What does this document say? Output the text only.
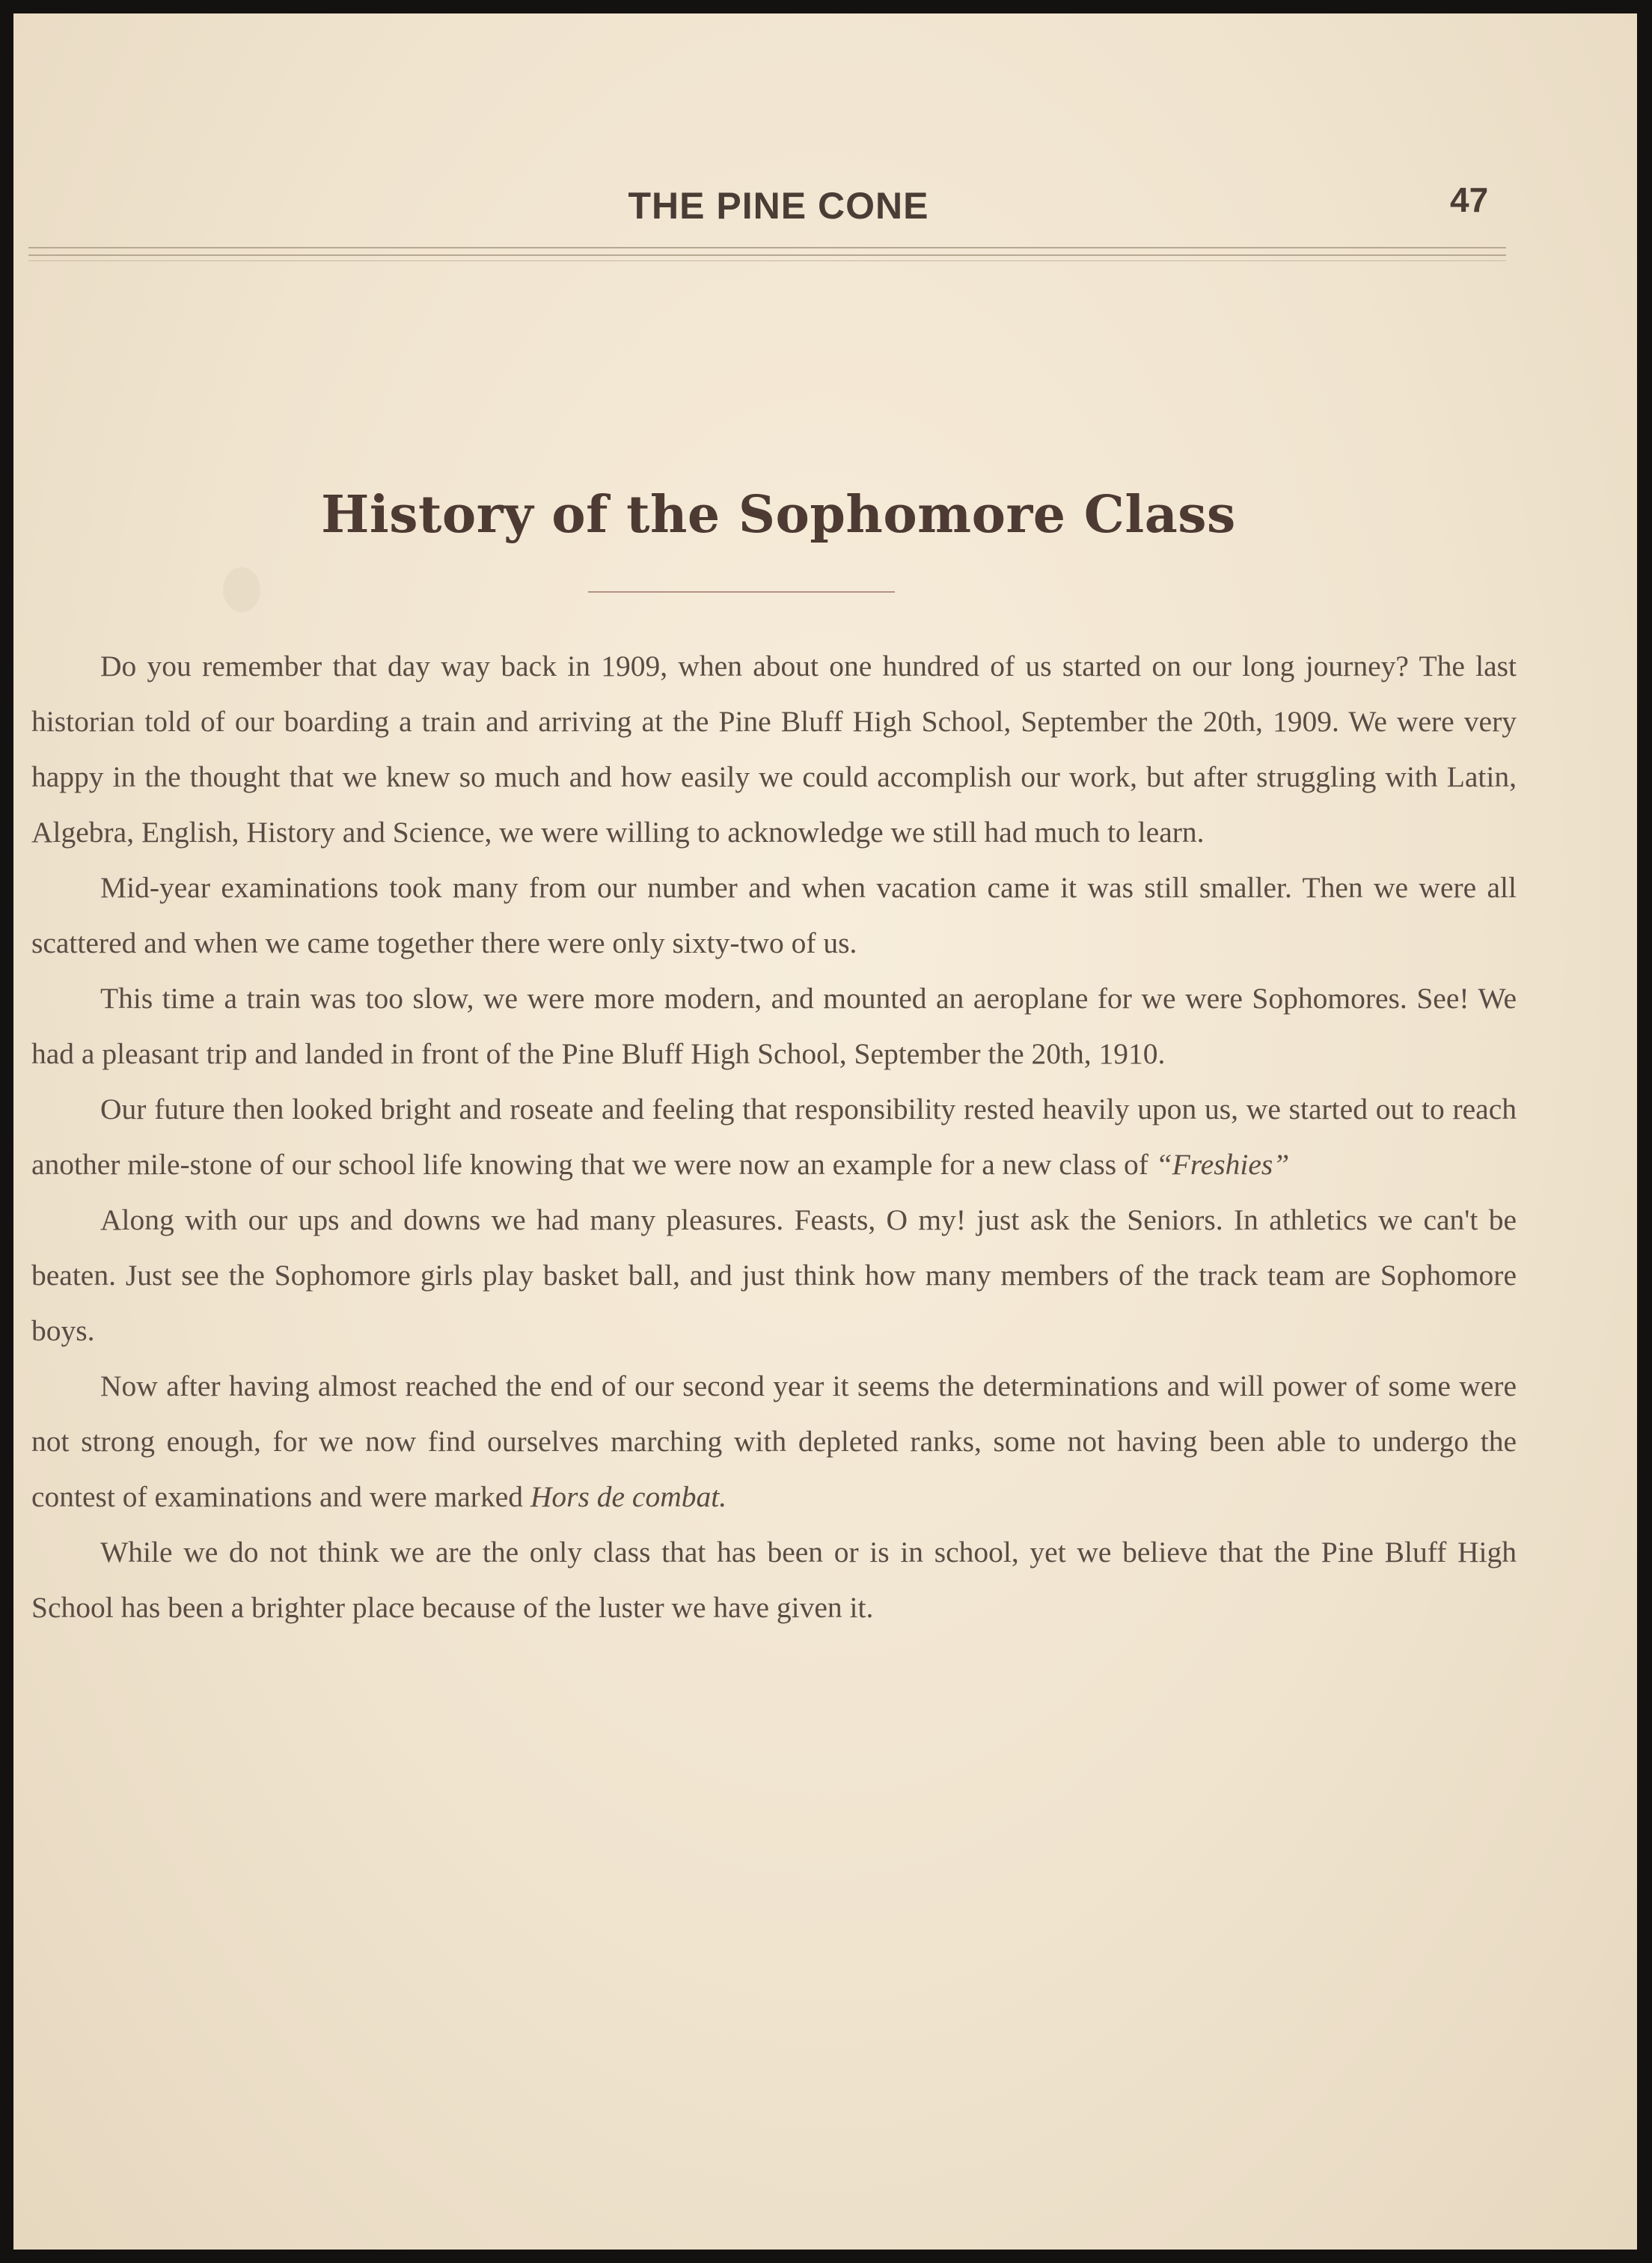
THE PINE CONE	47
History of the Sophomore Class

Do you remember that day way back in 1909, when about one hundred of us started on our long journey? The last historian told of our boarding a train and arriving at the Pine Bluff High School, September the 20th, 1909. We were very happy in the thought that we knew so much and how easily we could accomplish our work, but after struggling with Latin, Algebra, English, History and Science, we were willing to acknowledge we still had much to learn.

Mid-year examinations took many from our number and when vacation came it was still smaller. Then we were all scattered and when we came together there were only sixty-two of us.

This time a train was too slow, we were more modern, and mounted an aeroplane for we were Sophomores. See! We had a pleasant trip and landed in front of the Pine Bluff High School, September the 20th, 1910.

Our future then looked bright and roseate and feeling that responsibility rested heavily upon us, we started out to reach another mile-stone of our school life knowing that we were now an example for a new class of “Freshies”

Along with our ups and downs we had many pleasures. Feasts, O my! just ask the Seniors. In athletics we can't be beaten. Just see the Sophomore girls play basket ball, and just think how many members of the track team are Sophomore boys.

Now after having almost reached the end of our second year it seems the determinations and will power of some were not strong enough, for we now find ourselves marching with depleted ranks, some not having been able to undergo the contest of examinations and were marked Hors de combat.

While we do not think we are the only class that has been or is in school, yet we believe that the Pine Bluff High School has been a brighter place because of the luster we have given it.
